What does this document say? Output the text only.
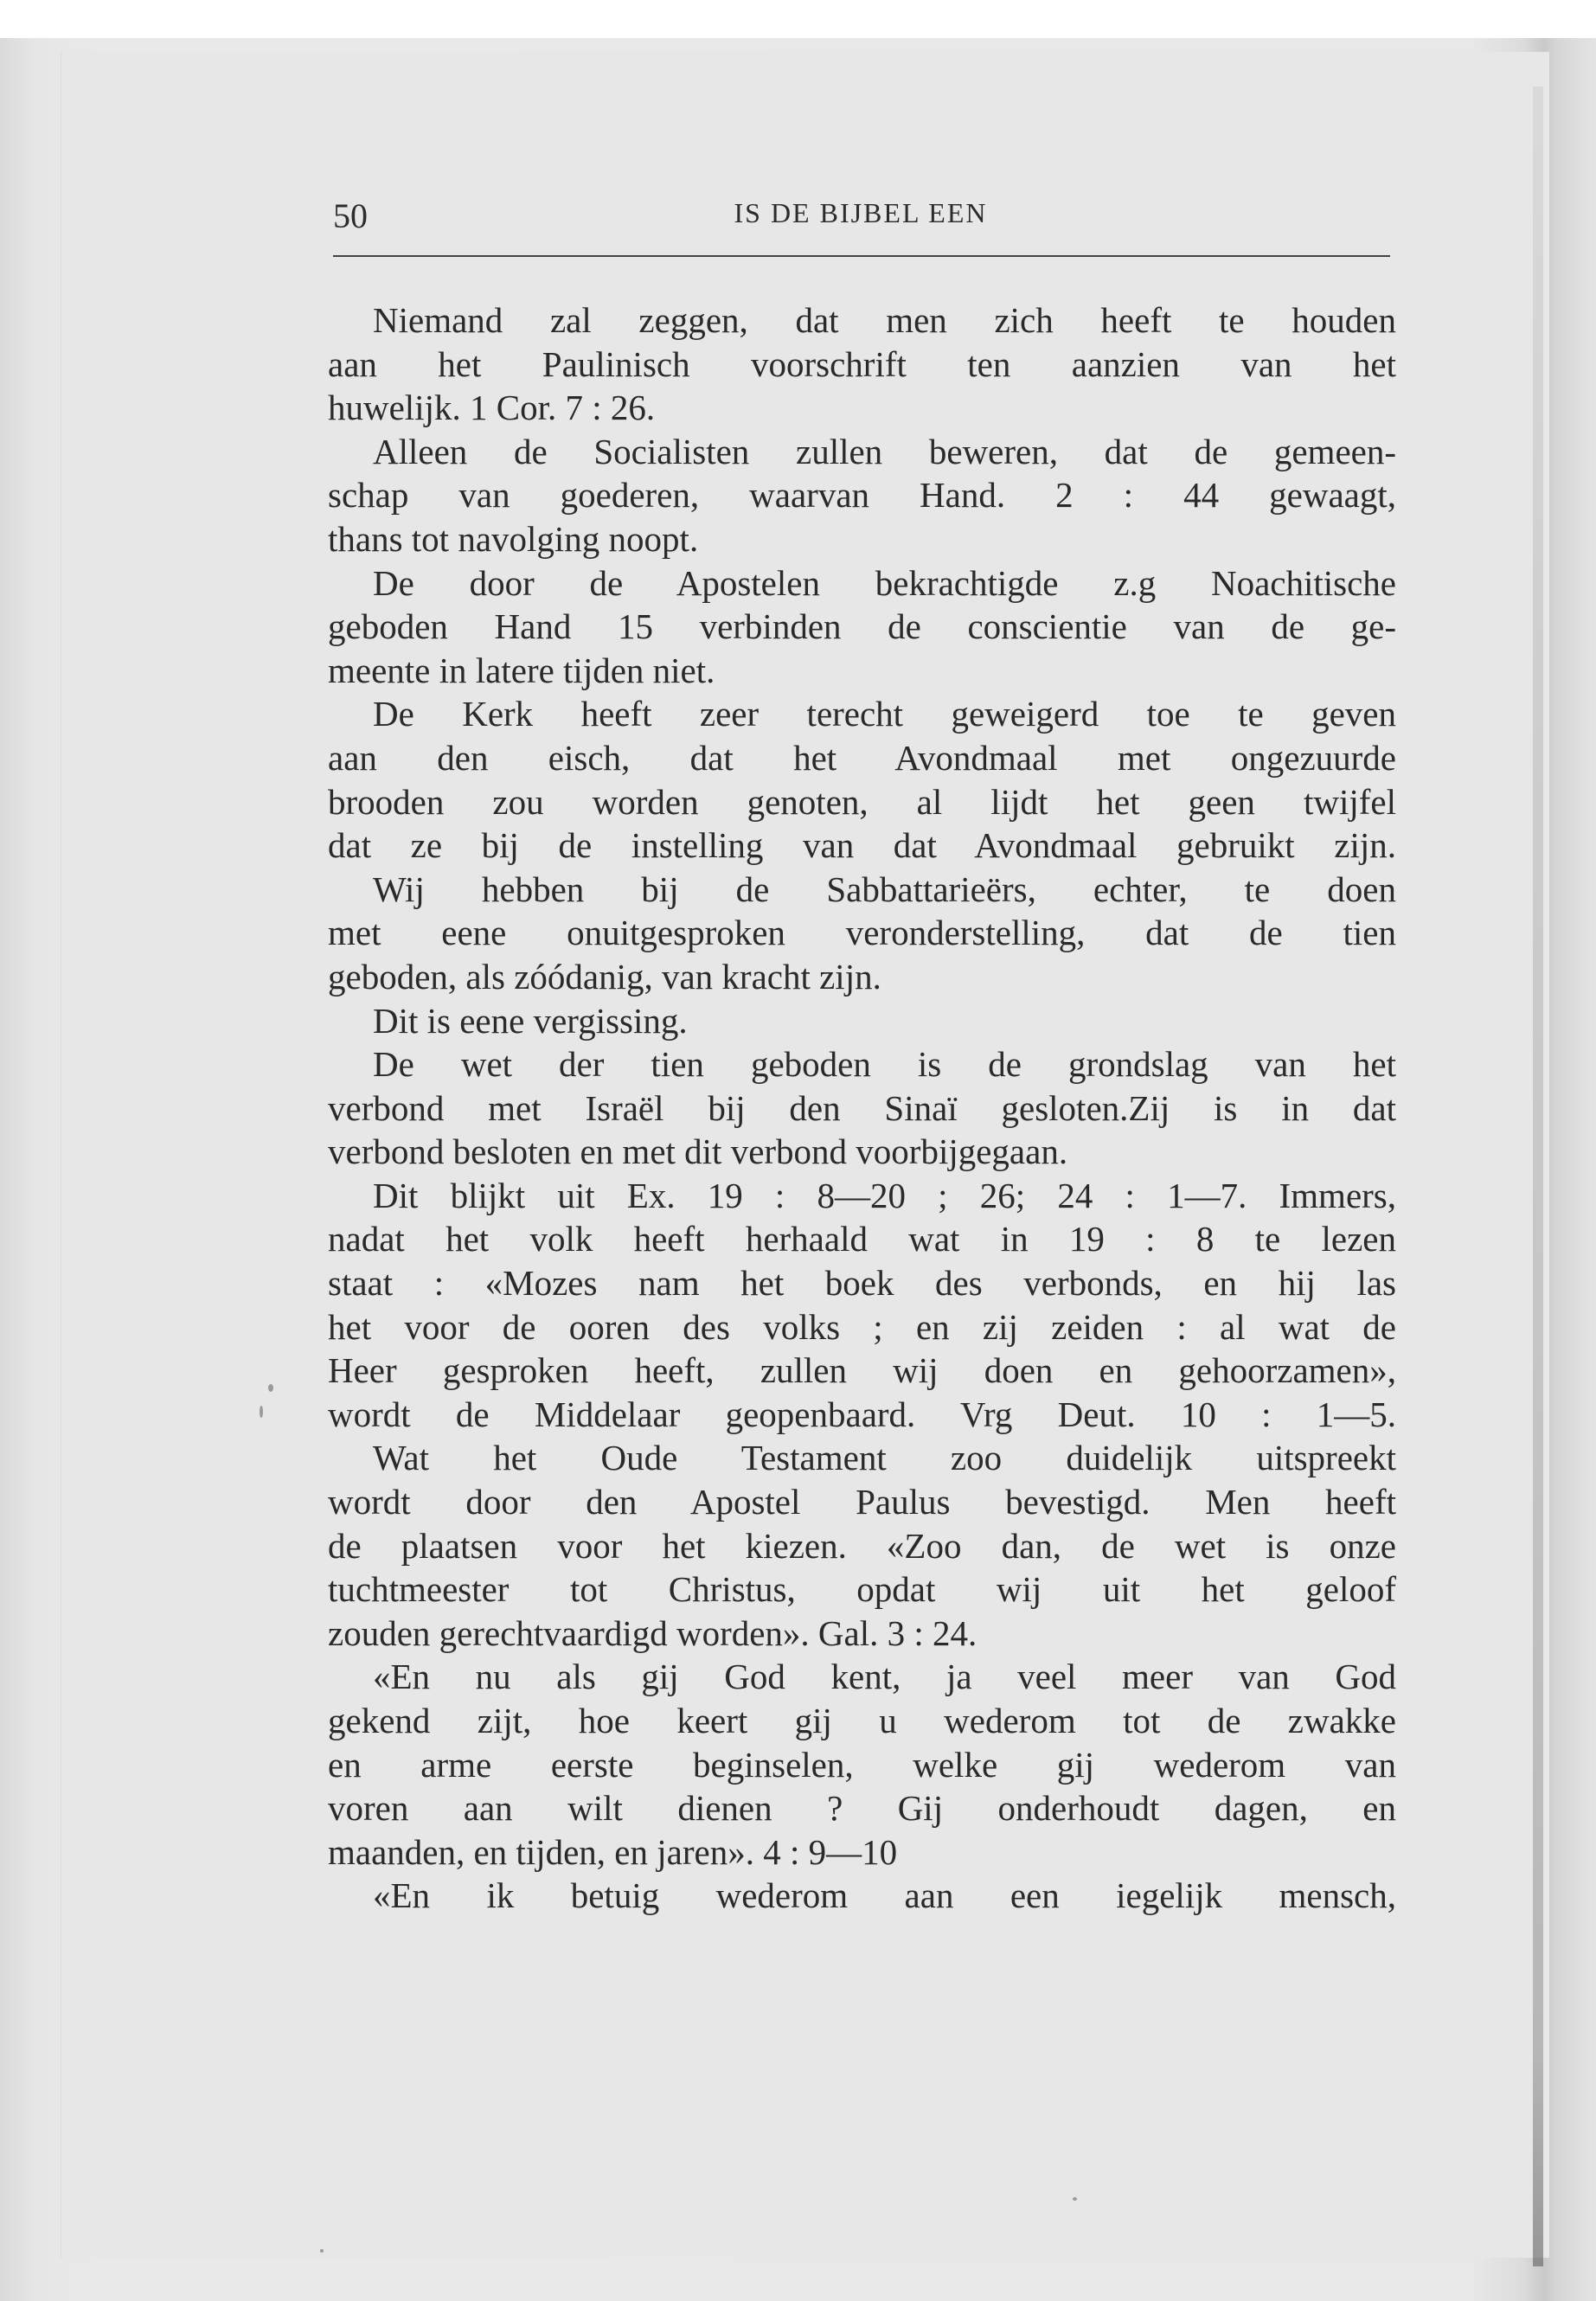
50	IS DE BIJBEL EEN
Niemand zal zeggen, dat men zich heeft te houden
aan het Paulinisch voorschrift ten aanzien van het
huwelijk. 1 Cor. 7 : 26.
Alleen de Socialisten zullen beweren, dat de gemeen-
schap van goederen, waarvan Hand. 2 : 44 gewaagt,
thans tot navolging noopt.
De door de Apostelen bekrachtigde z.g Noachitische
geboden Hand 15 verbinden de conscientie van de ge-
meente in latere tijden niet.
De Kerk heeft zeer terecht geweigerd toe te geven
aan den eisch, dat het Avondmaal met ongezuurde
brooden zou worden genoten, al lijdt het geen twijfel
dat ze bij de instelling van dat Avondmaal gebruikt zijn.
Wij hebben bij de Sabbattarieërs, echter, te doen
met eene onuitgesproken veronderstelling, dat de tien
geboden, als zóódanig, van kracht zijn.
Dit is eene vergissing.
De wet der tien geboden is de grondslag van het
verbond met Israël bij den Sinaï gesloten.Zij is in dat
verbond besloten en met dit verbond voorbijgegaan.
Dit blijkt uit Ex. 19 : 8—20 ; 26; 24 : 1—7. Immers,
nadat het volk heeft herhaald wat in 19 : 8 te lezen
staat : «Mozes nam het boek des verbonds, en hij las
het voor de ooren des volks ; en zij zeiden : al wat de
Heer gesproken heeft, zullen wij doen en gehoorzamen»,
wordt de Middelaar geopenbaard. Vrg Deut. 10 : 1—5.
Wat het Oude Testament zoo duidelijk uitspreekt
wordt door den Apostel Paulus bevestigd. Men heeft
de plaatsen voor het kiezen. «Zoo dan, de wet is onze
tuchtmeester tot Christus, opdat wij uit het geloof
zouden gerechtvaardigd worden». Gal. 3 : 24.
«En nu als gij God kent, ja veel meer van God
gekend zijt, hoe keert gij u wederom tot de zwakke
en arme eerste beginselen, welke gij wederom van
voren aan wilt dienen ? Gij onderhoudt dagen, en
maanden, en tijden, en jaren». 4 : 9—10
«En ik betuig wederom aan een iegelijk mensch,
